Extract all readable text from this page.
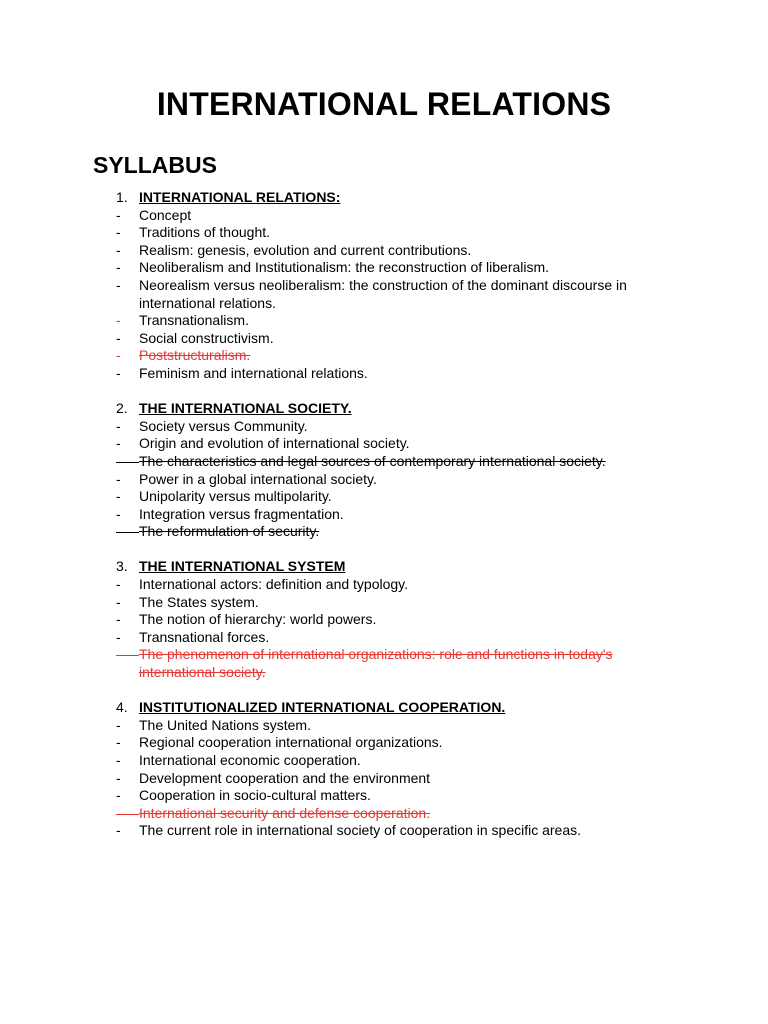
INTERNATIONAL RELATIONS
SYLLABUS
1. INTERNATIONAL RELATIONS:
- Concept
- Traditions of thought.
- Realism: genesis, evolution and current contributions.
- Neoliberalism and Institutionalism: the reconstruction of liberalism.
- Neorealism versus neoliberalism: the construction of the dominant discourse in international relations.
- Transnationalism.
- Social constructivism.
- Poststructuralism.
- Feminism and international relations.
2. THE INTERNATIONAL SOCIETY.
- Society versus Community.
- Origin and evolution of international society.
The characteristics and legal sources of contemporary international society.
- Power in a global international society.
- Unipolarity versus multipolarity.
- Integration versus fragmentation.
The reformulation of security.
3. THE INTERNATIONAL SYSTEM
- International actors: definition and typology.
- The States system.
- The notion of hierarchy: world powers.
- Transnational forces.
The phenomenon of international organizations: role and functions in today's international society.
4. INSTITUTIONALIZED INTERNATIONAL COOPERATION.
- The United Nations system.
- Regional cooperation international organizations.
- International economic cooperation.
- Development cooperation and the environment
- Cooperation in socio-cultural matters.
International security and defense cooperation.
- The current role in international society of cooperation in specific areas.
